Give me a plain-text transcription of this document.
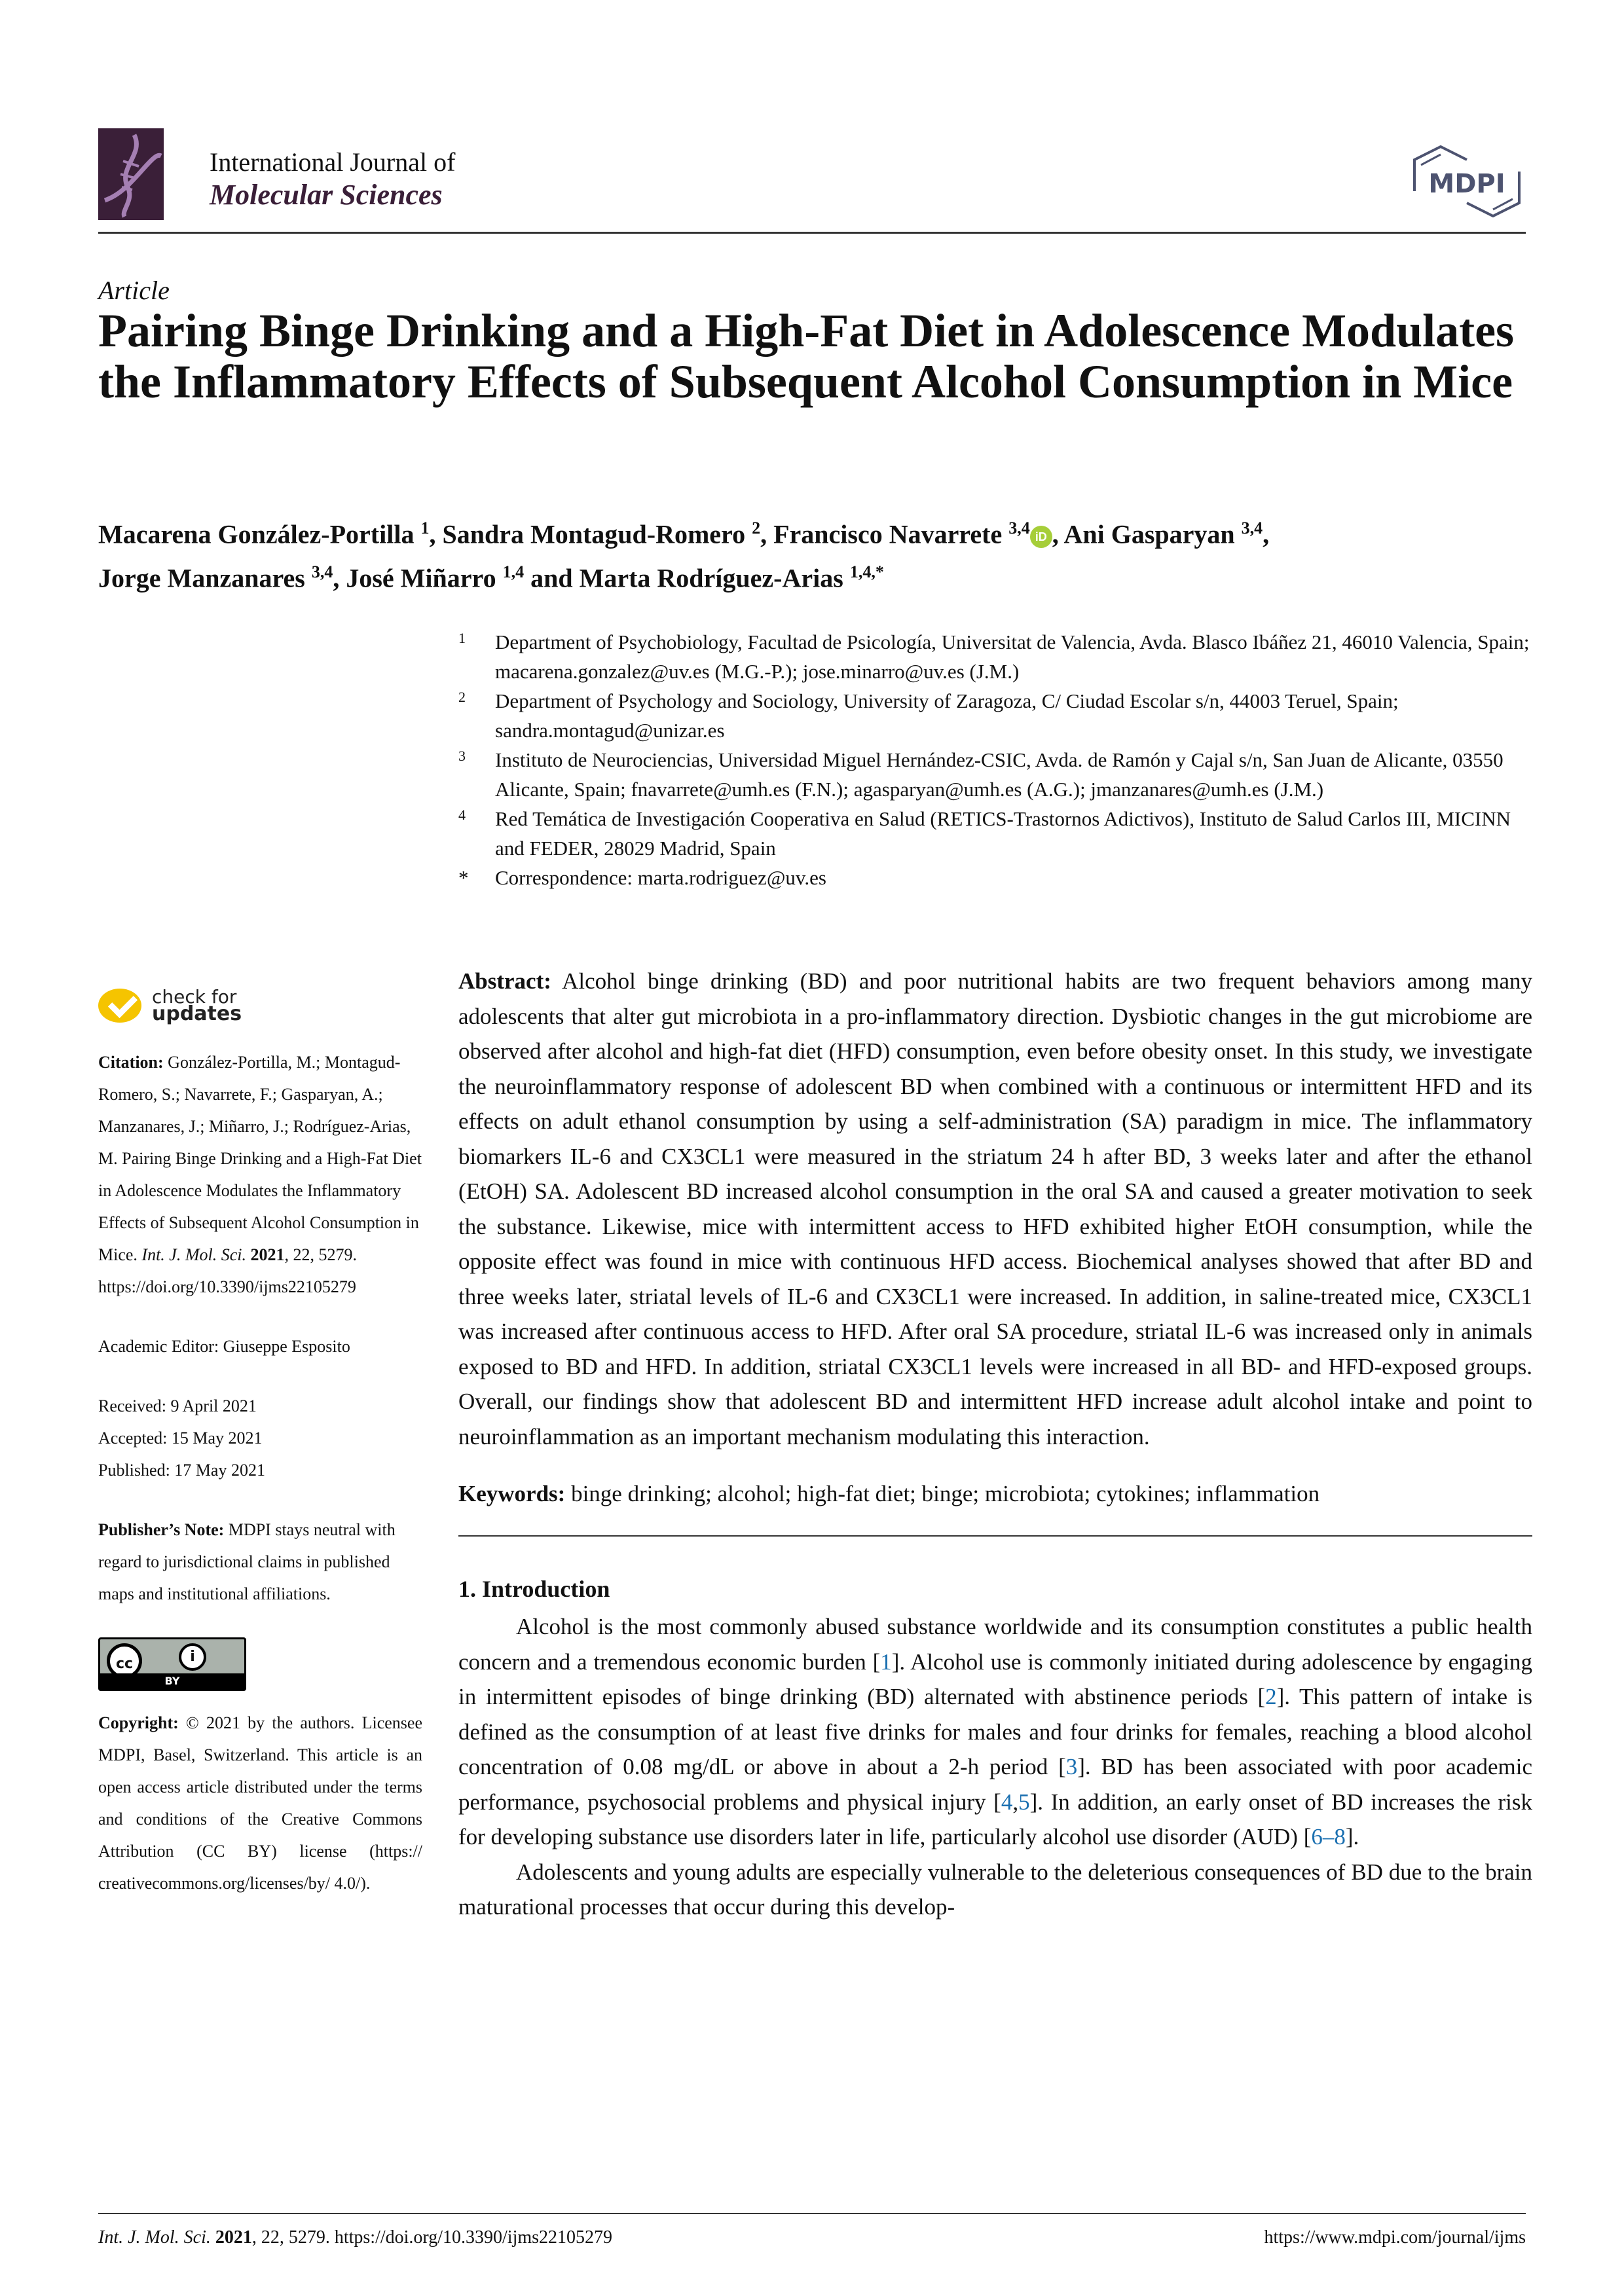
International Journal of
Molecular Sciences	MDPI
Article
Pairing Binge Drinking and a High-Fat Diet in Adolescence Modulates the Inflammatory Effects of Subsequent Alcohol Consumption in Mice
Macarena González-Portilla $^1$, Sandra Montagud-Romero $^2$, Francisco Navarrete $^{3,4}$ iD , Ani Gasparyan $^{3,4}$,
Jorge Manzanares $^{3,4}$, José Miñarro $^{1,4}$ and Marta Rodríguez-Arias $^{1,4,*}$
1 Department of Psychobiology, Facultad de Psicología, Universitat de Valencia, Avda. Blasco Ibáñez 21, 46010 Valencia, Spain; macarena.gonzalez@uv.es (M.G.-P.); jose.minarro@uv.es (J.M.)
2 Department of Psychology and Sociology, University of Zaragoza, C/ Ciudad Escolar s/n, 44003 Teruel, Spain; sandra.montagud@unizar.es
3 Instituto de Neurociencias, Universidad Miguel Hernández-CSIC, Avda. de Ramón y Cajal s/n, San Juan de Alicante, 03550 Alicante, Spain; fnavarrete@umh.es (F.N.); agasparyan@umh.es (A.G.); jmanzanares@umh.es (J.M.)
4 Red Temática de Investigación Cooperativa en Salud (RETICS-Trastornos Adictivos), Instituto de Salud Carlos III, MICINN and FEDER, 28029 Madrid, Spain
* Correspondence: marta.rodriguez@uv.es
check for
updates
Citation: González-Portilla, M.; Montagud-Romero, S.; Navarrete, F.; Gasparyan, A.; Manzanares, J.; Miñarro, J.; Rodríguez-Arias, M. Pairing Binge Drinking and a High-Fat Diet in Adolescence Modulates the Inflammatory Effects of Subsequent Alcohol Consumption in Mice. Int. J. Mol. Sci. 2021, 22, 5279. https://doi.org/10.3390/ijms22105279
Academic Editor: Giuseppe Esposito
Received: 9 April 2021
Accepted: 15 May 2021
Published: 17 May 2021
Publisher’s Note: MDPI stays neutral with regard to jurisdictional claims in published maps and institutional affiliations.
cc	i
BY
Copyright: © 2021 by the authors. Licensee MDPI, Basel, Switzerland. This article is an open access article distributed under the terms and conditions of the Creative Commons Attribution (CC BY) license (https:// creativecommons.org/licenses/by/ 4.0/).

Abstract: Alcohol binge drinking (BD) and poor nutritional habits are two frequent behaviors among many adolescents that alter gut microbiota in a pro-inflammatory direction. Dysbiotic changes in the gut microbiome are observed after alcohol and high-fat diet (HFD) consumption, even before obesity onset. In this study, we investigate the neuroinflammatory response of adolescent BD when combined with a continuous or intermittent HFD and its effects on adult ethanol consumption by using a self-administration (SA) paradigm in mice. The inflammatory biomarkers IL-6 and CX3CL1 were measured in the striatum 24 h after BD, 3 weeks later and after the ethanol (EtOH) SA. Adolescent BD increased alcohol consumption in the oral SA and caused a greater motivation to seek the substance. Likewise, mice with intermittent access to HFD exhibited higher EtOH consumption, while the opposite effect was found in mice with continuous HFD access. Biochemical analyses showed that after BD and three weeks later, striatal levels of IL-6 and CX3CL1 were increased. In addition, in saline-treated mice, CX3CL1 was increased after continuous access to HFD. After oral SA procedure, striatal IL-6 was increased only in animals exposed to BD and HFD. In addition, striatal CX3CL1 levels were increased in all BD- and HFD-exposed groups. Overall, our findings show that adolescent BD and intermittent HFD increase adult alcohol intake and point to neuroinflammation as an important mechanism modulating this interaction.

Keywords: binge drinking; alcohol; high-fat diet; binge; microbiota; cytokines; inflammation

1. Introduction

Alcohol is the most commonly abused substance worldwide and its consumption constitutes a public health concern and a tremendous economic burden [1]. Alcohol use is commonly initiated during adolescence by engaging in intermittent episodes of binge drinking (BD) alternated with abstinence periods [2]. This pattern of intake is defined as the consumption of at least five drinks for males and four drinks for females, reaching a blood alcohol concentration of 0.08 mg/dL or above in about a 2-h period [3]. BD has been associated with poor academic performance, psychosocial problems and physical injury [4,5]. In addition, an early onset of BD increases the risk for developing substance use disorders later in life, particularly alcohol use disorder (AUD) [6–8].

Adolescents and young adults are especially vulnerable to the deleterious consequences of BD due to the brain maturational processes that occur during this develop-

Int. J. Mol. Sci. 2021, 22, 5279. https://doi.org/10.3390/ijms22105279	https://www.mdpi.com/journal/ijms
